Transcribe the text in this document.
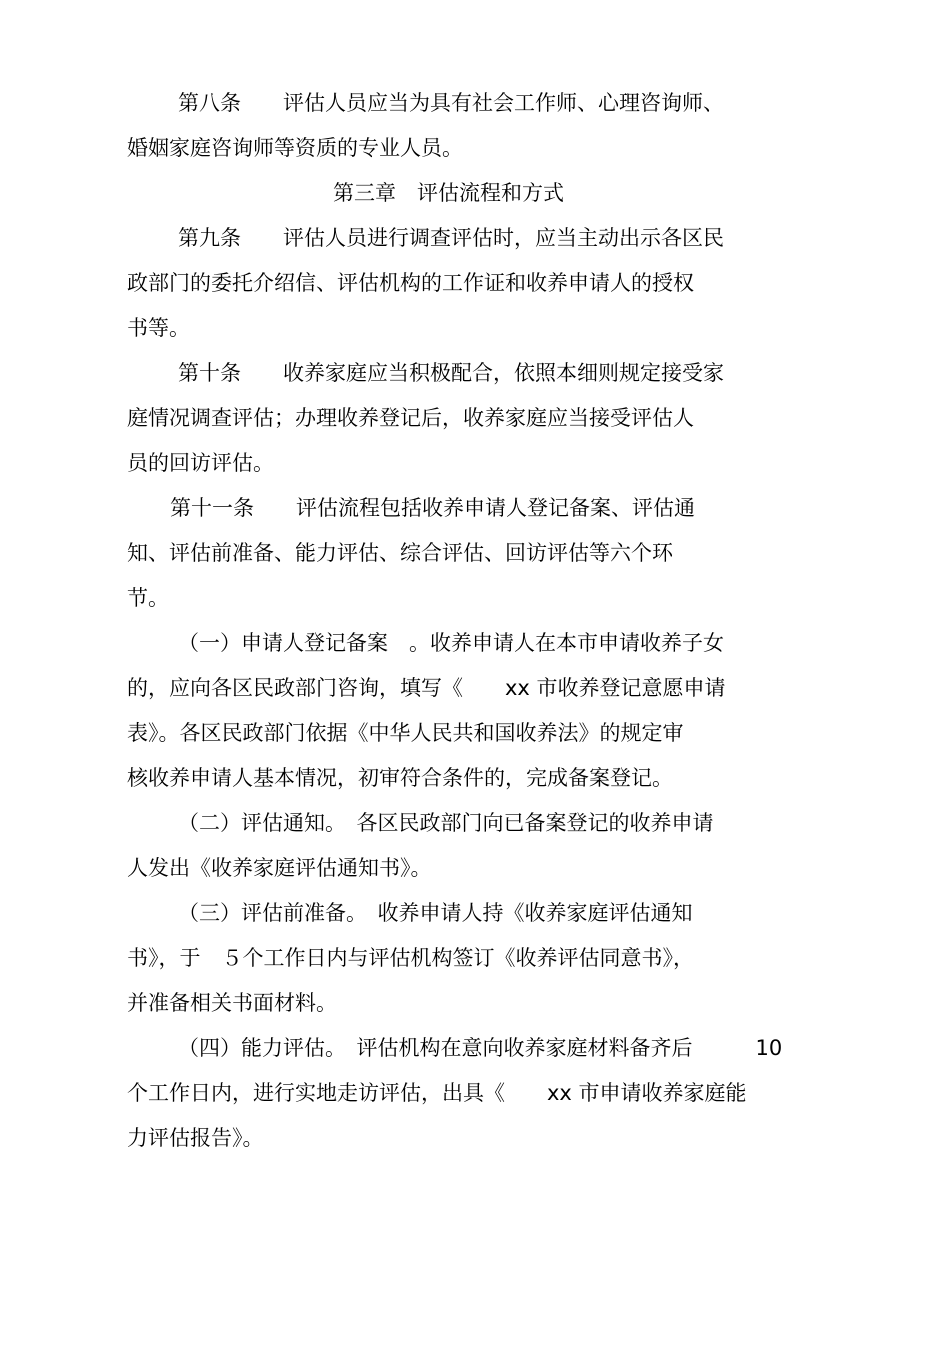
第八条　　评估人员应当为具有社会工作师、心理咨询师、
婚姻家庭咨询师等资质的专业人员。
第三章　评估流程和方式
第九条　　评估人员进行调查评估时，应当主动出示各区民
政部门的委托介绍信、评估机构的工作证和收养申请人的授权
书等。
第十条　　收养家庭应当积极配合，依照本细则规定接受家
庭情况调查评估；办理收养登记后，收养家庭应当接受评估人
员的回访评估。
第十一条　　评估流程包括收养申请人登记备案、评估通
知、评估前准备、能力评估、综合评估、回访评估等六个环
节。
（一）申请人登记备案　。收养申请人在本市申请收养子女
的，应向各区民政部门咨询，填写《　　xx 市收养登记意愿申请
表》。各区民政部门依据《中华人民共和国收养法》的规定审
核收养申请人基本情况，初审符合条件的，完成备案登记。
（二）评估通知。　各区民政部门向已备案登记的收养申请
人发出《收养家庭评估通知书》。
（三）评估前准备。　收养申请人持《收养家庭评估通知
书》，于　５个工作日内与评估机构签订《收养评估同意书》，
并准备相关书面材料。
（四）能力评估。　评估机构在意向收养家庭材料备齐后　　　10
个工作日内，进行实地走访评估，出具《　　xx 市申请收养家庭能
力评估报告》。
